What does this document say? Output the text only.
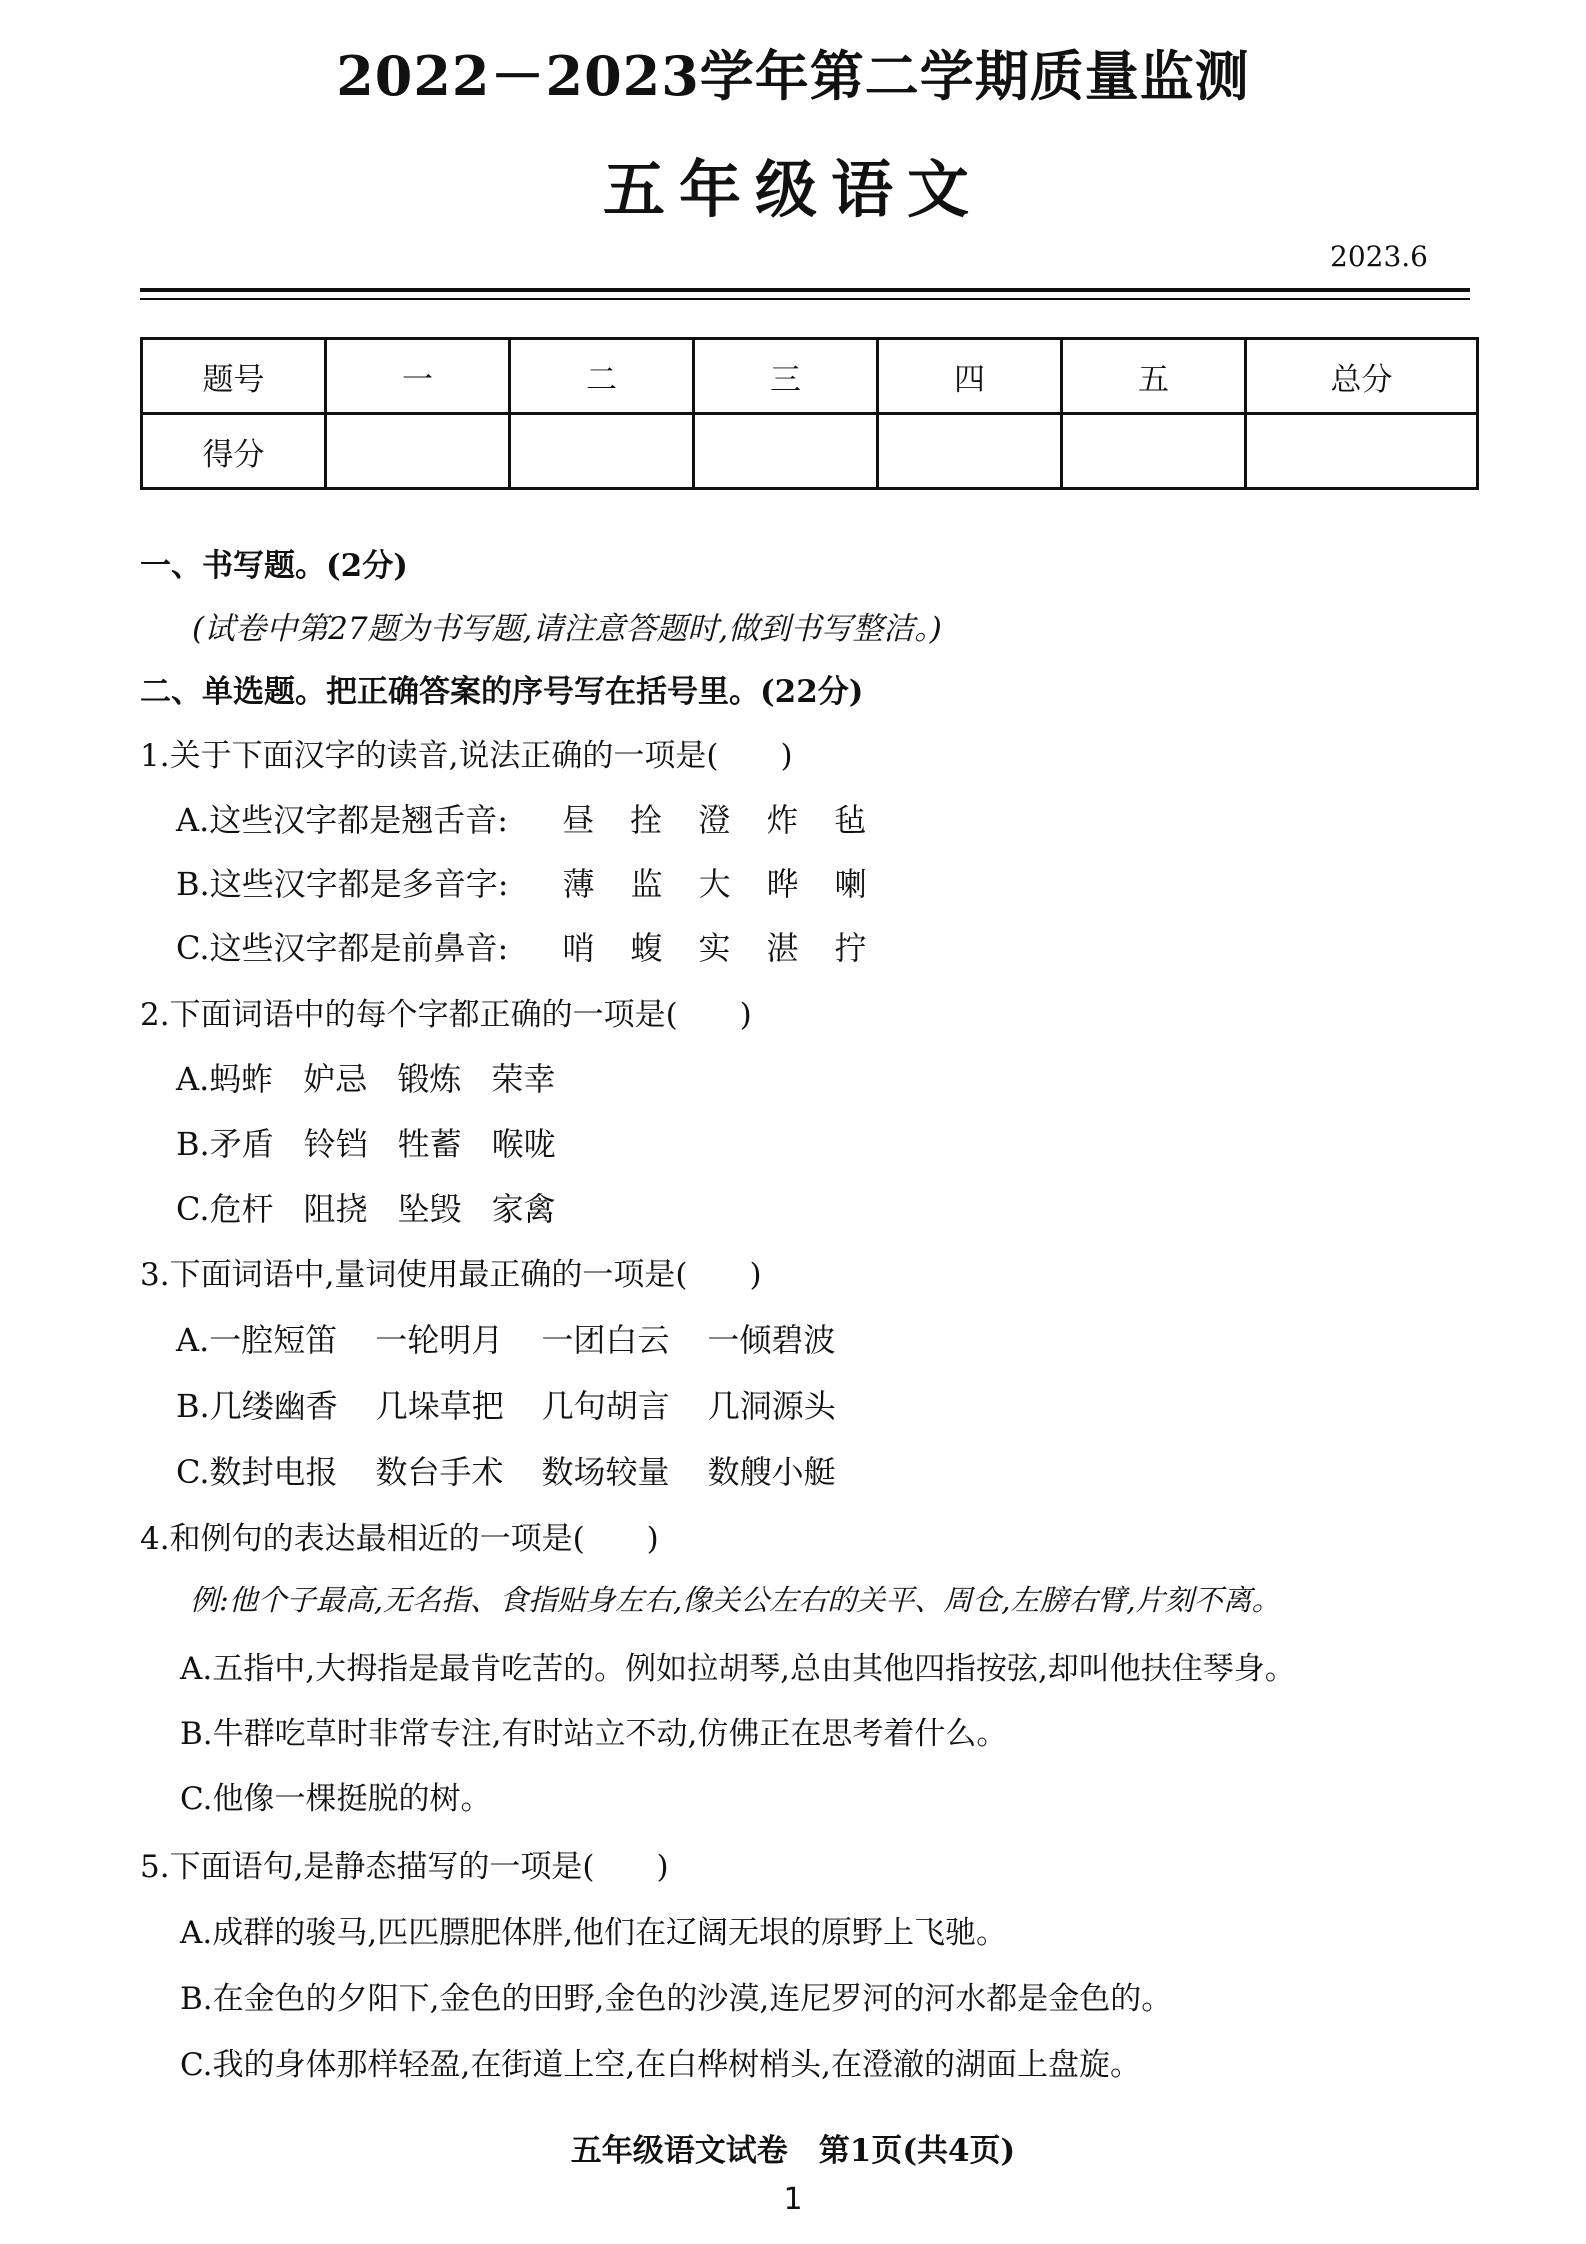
2022－2023学年第二学期质量监测
五年级语文
2023.6
题号	一	二	三	四	五	总分
得分						
一、书写题。(2分)
(试卷中第27题为书写题,请注意答题时,做到书写整洁。)
二、单选题。把正确答案的序号写在括号里。(22分)
1.关于下面汉字的读音,说法正确的一项是(　　)
A.这些汉字都是翘舌音: 昼 拴 澄 炸 毡
B.这些汉字都是多音字: 薄 监 大 晔 喇
C.这些汉字都是前鼻音: 哨 蝮 实 湛 拧
2.下面词语中的每个字都正确的一项是(　　)
A.蚂蚱 妒忌 锻炼 荣幸
B.矛盾 铃铛 牲蓄 喉咙
C.危杆 阻挠 坠毁 家禽
3.下面词语中,量词使用最正确的一项是(　　)
A.一腔短笛 一轮明月 一团白云 一倾碧波
B.几缕幽香 几垛草把 几句胡言 几洞源头
C.数封电报 数台手术 数场较量 数艘小艇
4.和例句的表达最相近的一项是(　　)
例:他个子最高,无名指、食指贴身左右,像关公左右的关平、周仓,左膀右臂,片刻不离。
A.五指中,大拇指是最肯吃苦的。例如拉胡琴,总由其他四指按弦,却叫他扶住琴身。
B.牛群吃草时非常专注,有时站立不动,仿佛正在思考着什么。
C.他像一棵挺脱的树。
5.下面语句,是静态描写的一项是(　　)
A.成群的骏马,匹匹膘肥体胖,他们在辽阔无垠的原野上飞驰。
B.在金色的夕阳下,金色的田野,金色的沙漠,连尼罗河的河水都是金色的。
C.我的身体那样轻盈,在街道上空,在白桦树梢头,在澄澈的湖面上盘旋。
五年级语文试卷　第1页(共4页)
1
